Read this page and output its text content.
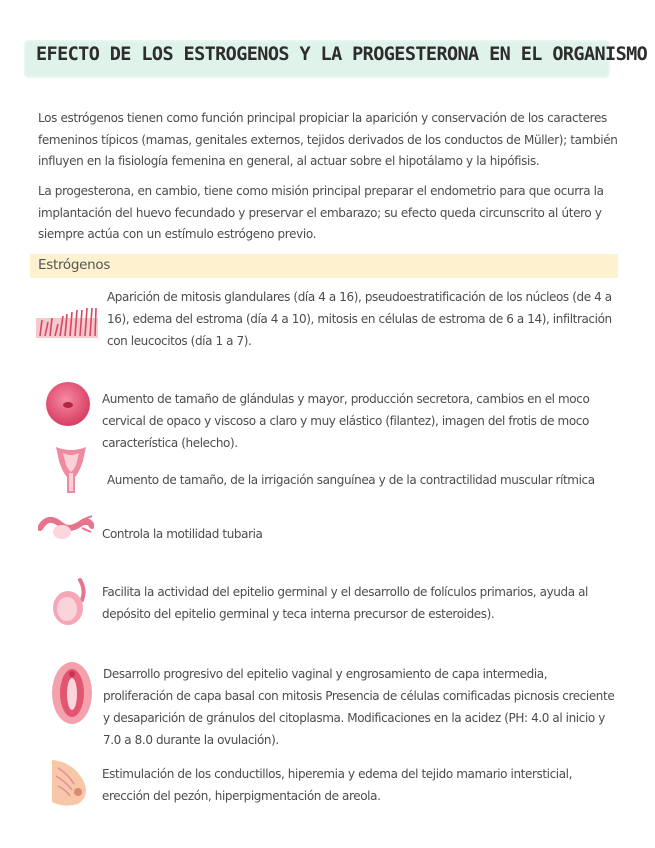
EFECTO DE LOS ESTROGENOS Y LA PROGESTERONA EN EL ORGANISMO

Los estrógenos tienen como función principal propiciar la aparición y conservación de los caracteres femeninos típicos (mamas, genitales externos, tejidos derivados de los conductos de Müller); también influyen en la fisiología femenina en general, al actuar sobre el hipotálamo y la hipófisis.

La progesterona, en cambio, tiene como misión principal preparar el endometrio para que ocurra la implantación del huevo fecundado y preservar el embarazo; su efecto queda circunscrito al útero y siempre actúa con un estímulo estrógeno previo.

Estrógenos

Aparición de mitosis glandulares (día 4 a 16), pseudoestratificación de los núcleos (de 4 a 16), edema del estroma (día 4 a 10), mitosis en células de estroma de 6 a 14), infiltración con leucocitos (día 1 a 7).

Aumento de tamaño de glándulas y mayor, producción secretora, cambios en el moco cervical de opaco y viscoso a claro y muy elástico (filantez), imagen del frotis de moco característica (helecho).

Aumento de tamaño, de la irrigación sanguínea y de la contractilidad muscular rítmica

Controla la motilidad tubaria

Facilita la actividad del epitelio germinal y el desarrollo de folículos primarios, ayuda al depósito del epitelio germinal y teca interna precursor de esteroides).

Desarrollo progresivo del epitelio vaginal y engrosamiento de capa intermedia, proliferación de capa basal con mitosis Presencia de células cornificadas picnosis creciente y desaparición de gránulos del citoplasma. Modificaciones en la acidez (PH: 4.0 al inicio y 7.0 a 8.0 durante la ovulación).

Estimulación de los conductillos, hiperemia y edema del tejido mamario intersticial, erección del pezón, hiperpigmentación de areola.
